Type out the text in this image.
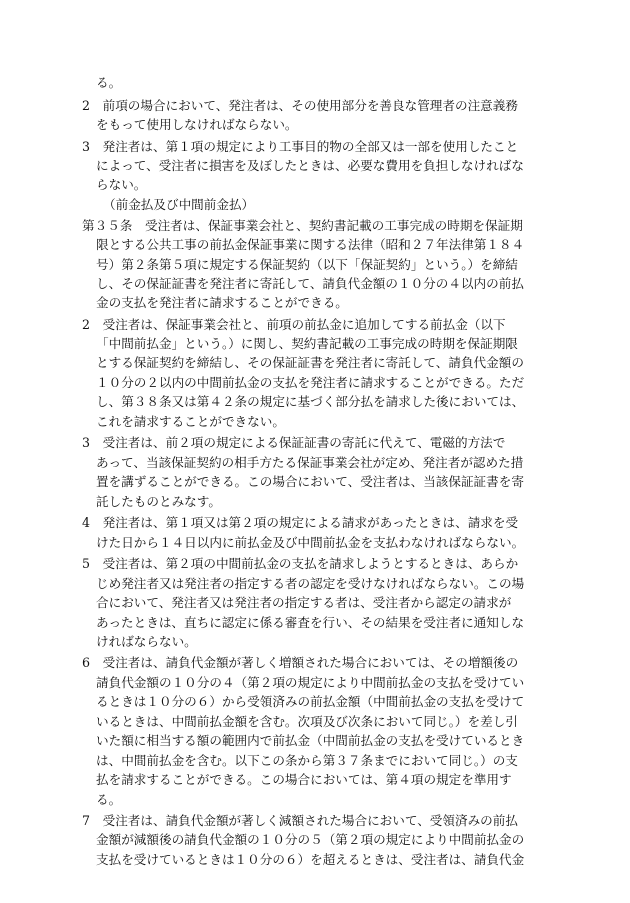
る。
2　前項の場合において、発注者は、その使用部分を善良な管理者の注意義務
をもって使用しなければならない。
3　発注者は、第１項の規定により工事目的物の全部又は一部を使用したこと
によって、受注者に損害を及ぼしたときは、必要な費用を負担しなければな
らない。
（前金払及び中間前金払）
第３５条　受注者は、保証事業会社と、契約書記載の工事完成の時期を保証期
限とする公共工事の前払金保証事業に関する法律（昭和２７年法律第１８４
号）第２条第５項に規定する保証契約（以下「保証契約」という。）を締結
し、その保証証書を発注者に寄託して、請負代金額の１０分の４以内の前払
金の支払を発注者に請求することができる。
2　受注者は、保証事業会社と、前項の前払金に追加してする前払金（以下
「中間前払金」という。）に関し、契約書記載の工事完成の時期を保証期限
とする保証契約を締結し、その保証証書を発注者に寄託して、請負代金額の
１０分の２以内の中間前払金の支払を発注者に請求することができる。ただ
し、第３８条又は第４２条の規定に基づく部分払を請求した後においては、
これを請求することができない。
3　受注者は、前２項の規定による保証証書の寄託に代えて、電磁的方法で
あって、当該保証契約の相手方たる保証事業会社が定め、発注者が認めた措
置を講ずることができる。この場合において、受注者は、当該保証証書を寄
託したものとみなす。
4　発注者は、第１項又は第２項の規定による請求があったときは、請求を受
けた日から１４日以内に前払金及び中間前払金を支払わなければならない。
5　受注者は、第２項の中間前払金の支払を請求しようとするときは、あらか
じめ発注者又は発注者の指定する者の認定を受けなければならない。この場
合において、発注者又は発注者の指定する者は、受注者から認定の請求が
あったときは、直ちに認定に係る審査を行い、その結果を受注者に通知しな
ければならない。
6　受注者は、請負代金額が著しく増額された場合においては、その増額後の
請負代金額の１０分の４（第２項の規定により中間前払金の支払を受けてい
るときは１０分の６）から受領済みの前払金額（中間前払金の支払を受けて
いるときは、中間前払金額を含む。次項及び次条において同じ。）を差し引
いた額に相当する額の範囲内で前払金（中間前払金の支払を受けているとき
は、中間前払金を含む。以下この条から第３７条までにおいて同じ。）の支
払を請求することができる。この場合においては、第４項の規定を準用す
る。
7　受注者は、請負代金額が著しく減額された場合において、受領済みの前払
金額が減額後の請負代金額の１０分の５（第２項の規定により中間前払金の
支払を受けているときは１０分の６）を超えるときは、受注者は、請負代金
